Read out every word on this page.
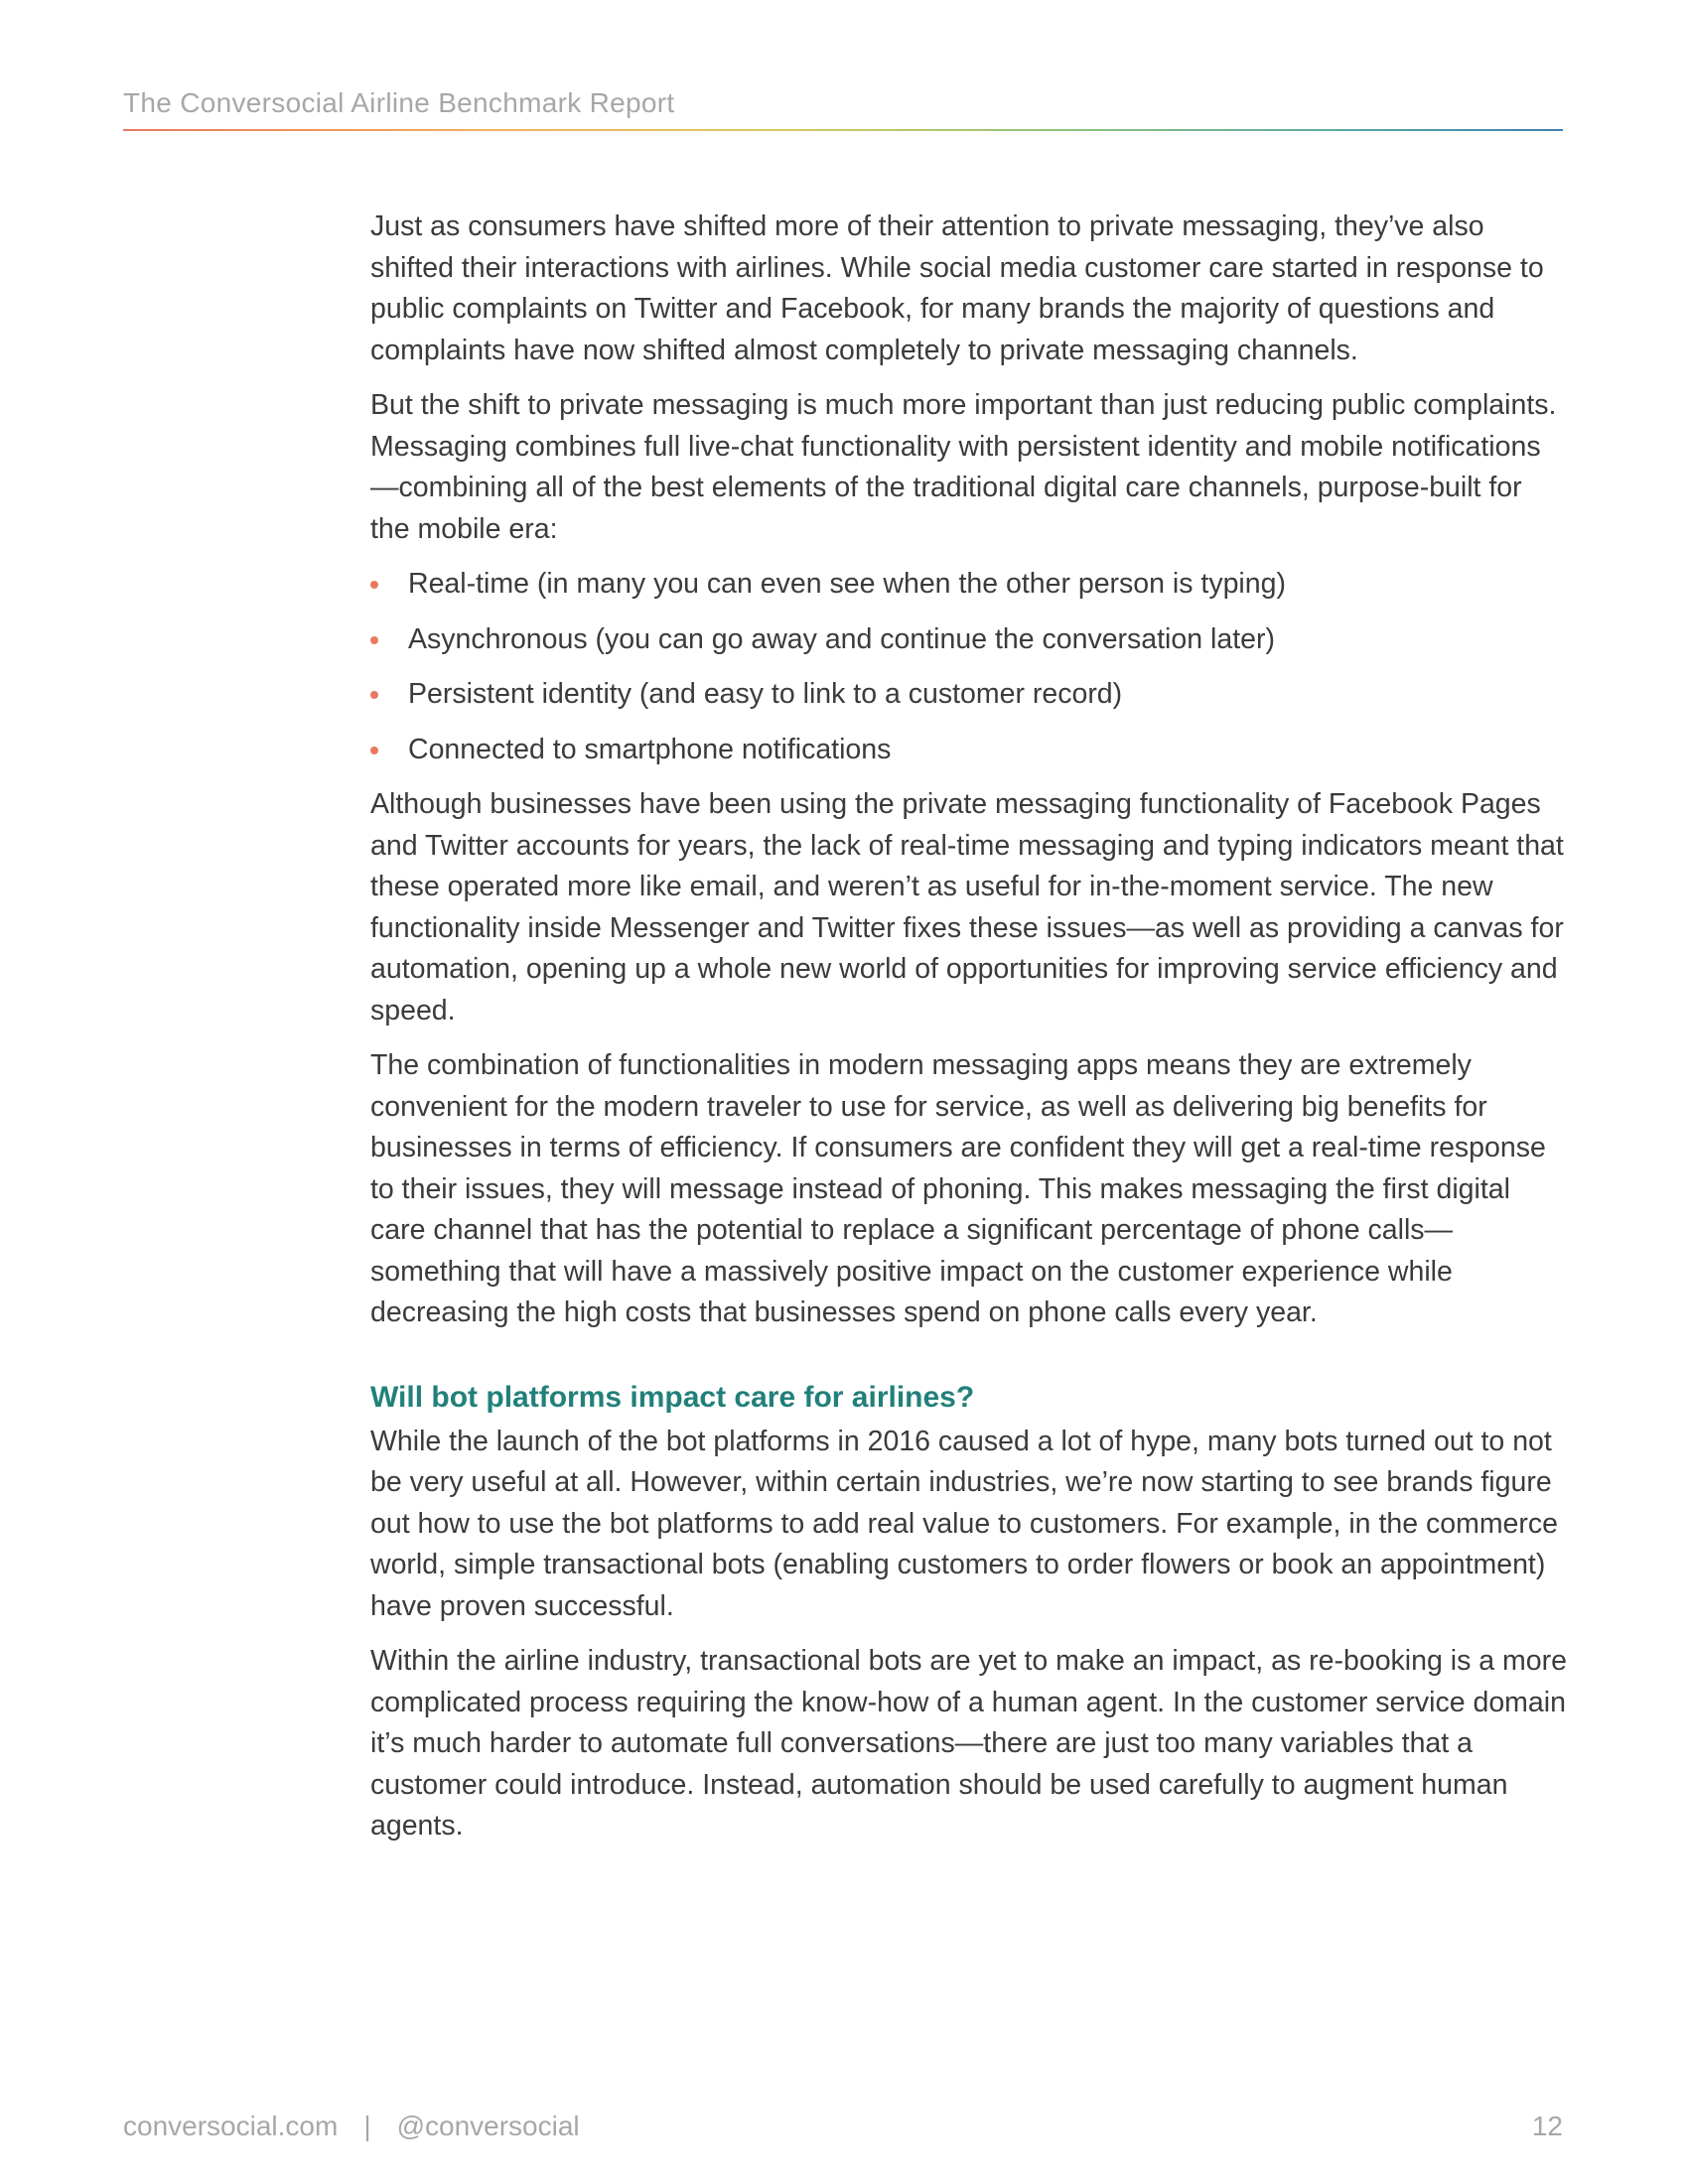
The Conversocial Airline Benchmark Report

Just as consumers have shifted more of their attention to private messaging, they’ve also shifted their interactions with airlines. While social media customer care started in response to public complaints on Twitter and Facebook, for many brands the majority of questions and complaints have now shifted almost completely to private messaging channels.

But the shift to private messaging is much more important than just reducing public complaints. Messaging combines full live-chat functionality with persistent identity and mobile notifications—combining all of the best elements of the traditional digital care channels, purpose-built for the mobile era:

Real-time (in many you can even see when the other person is typing)
Asynchronous (you can go away and continue the conversation later)
Persistent identity (and easy to link to a customer record)
Connected to smartphone notifications

Although businesses have been using the private messaging functionality of Facebook Pages and Twitter accounts for years, the lack of real-time messaging and typing indicators meant that these operated more like email, and weren’t as useful for in-the-moment service. The new functionality inside Messenger and Twitter fixes these issues—as well as providing a canvas for automation, opening up a whole new world of opportunities for improving service efficiency and speed.

The combination of functionalities in modern messaging apps means they are extremely convenient for the modern traveler to use for service, as well as delivering big benefits for businesses in terms of efficiency. If consumers are confident they will get a real-time response to their issues, they will message instead of phoning. This makes messaging the first digital care channel that has the potential to replace a significant percentage of phone calls—something that will have a massively positive impact on the customer experience while decreasing the high costs that businesses spend on phone calls every year.

Will bot platforms impact care for airlines?

While the launch of the bot platforms in 2016 caused a lot of hype, many bots turned out to not be very useful at all. However, within certain industries, we’re now starting to see brands figure out how to use the bot platforms to add real value to customers. For example, in the commerce world, simple transactional bots (enabling customers to order flowers or book an appointment) have proven successful.

Within the airline industry, transactional bots are yet to make an impact, as re-booking is a more complicated process requiring the know-how of a human agent. In the customer service domain it’s much harder to automate full conversations—there are just too many variables that a customer could introduce. Instead, automation should be used carefully to augment human agents.

conversocial.com | @conversocial	12
